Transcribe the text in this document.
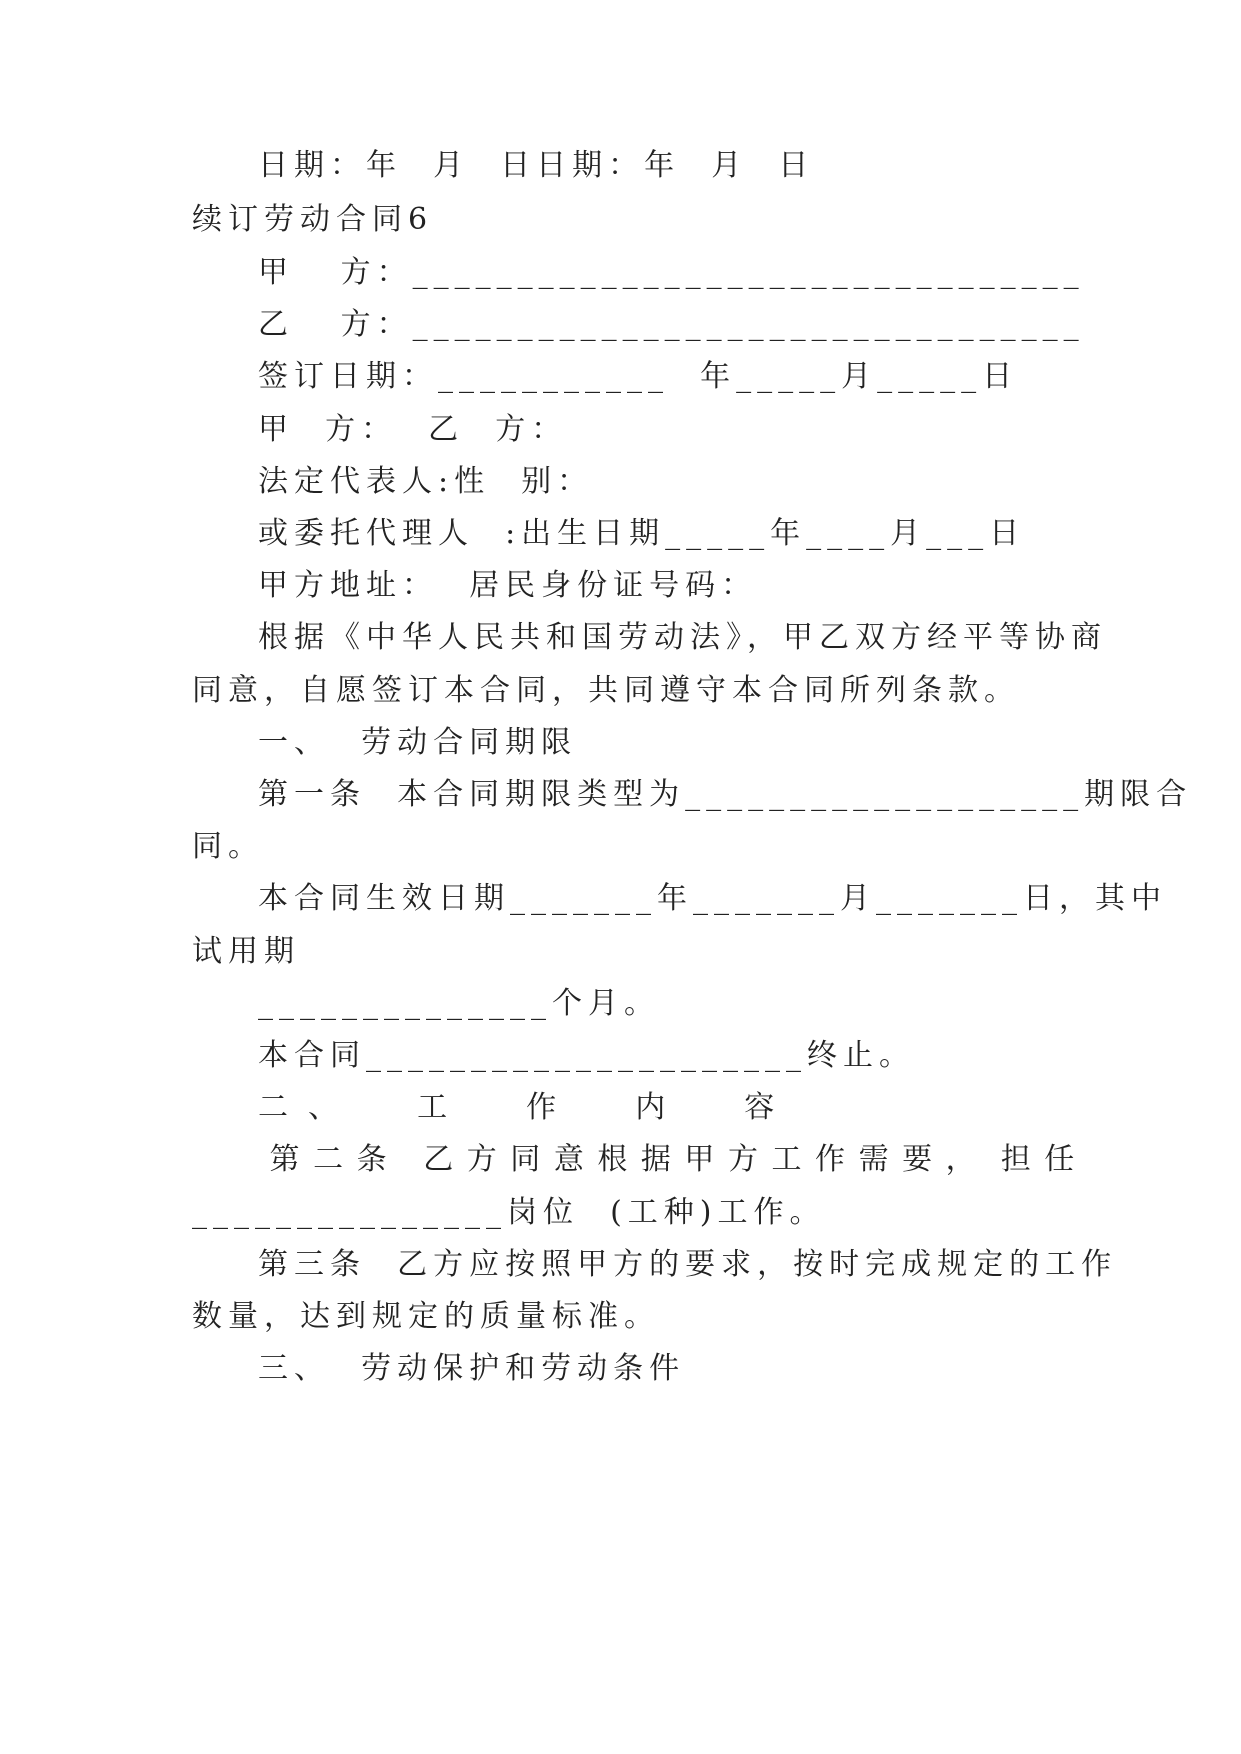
日期：年  月  日日期：年  月  日

续订劳动合同6

甲   方：________________________________

乙   方：________________________________

签订日期：___________  年_____月_____日

甲  方：  乙  方：

法定代表人:性  别：

或委托代理人  :出生日期_____年____月___日

甲方地址：  居民身份证号码：

根据《中华人民共和国劳动法》，甲乙双方经平等协商

同意，自愿签订本合同，共同遵守本合同所列条款。

一、  劳动合同期限

第一条  本合同期限类型为___________________期限合

同。

本合同生效日期_______年_______月_______日，其中

试用期

______________个月。

本合同_____________________终止。

二、  工  作  内  容

第 二 条   乙 方 同 意 根 据 甲 方 工 作 需 要 ，  担 任

_______________岗位  (工种)工作。

第三条  乙方应按照甲方的要求，按时完成规定的工作

数量，达到规定的质量标准。

三、  劳动保护和劳动条件
